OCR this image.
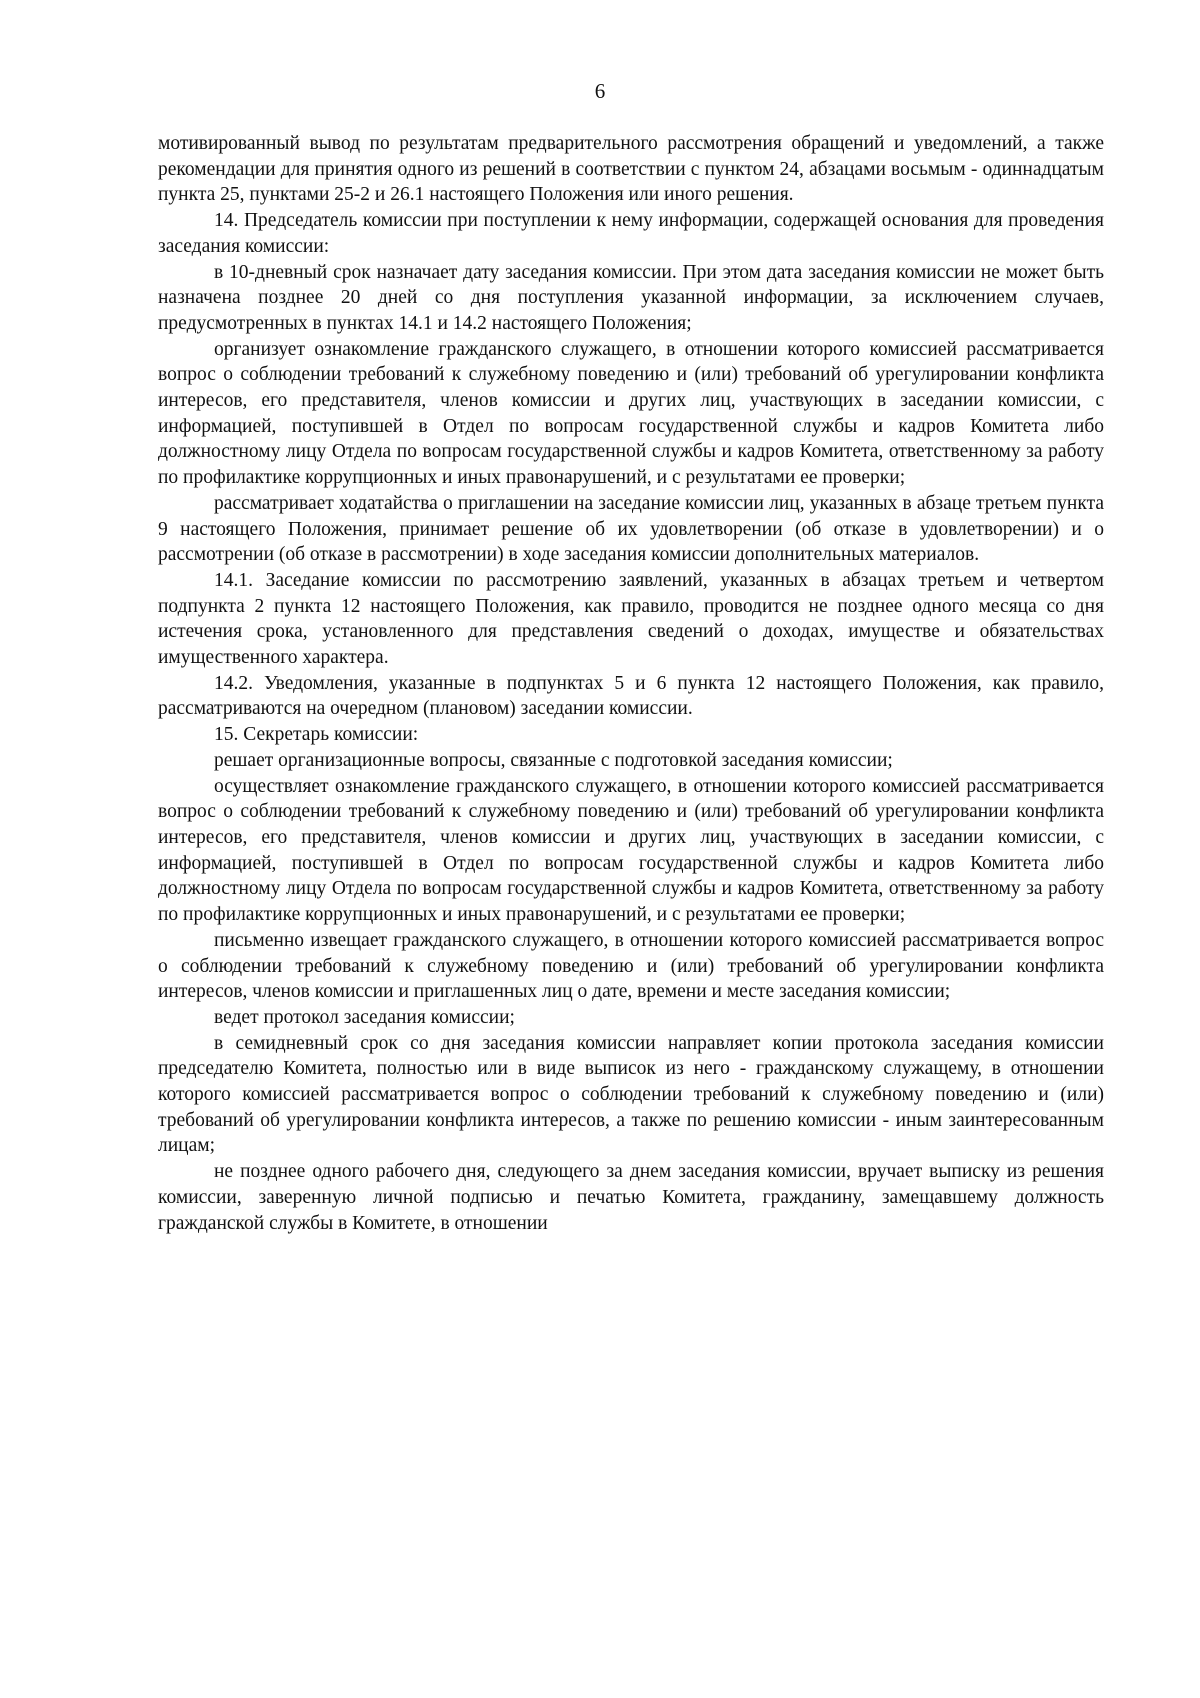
6

мотивированный вывод по результатам предварительного рассмотрения обращений и уведомлений, а также рекомендации для принятия одного из решений в соответствии с пунктом 24, абзацами восьмым - одиннадцатым пункта 25, пунктами 25-2 и 26.1 настоящего Положения или иного решения.

14. Председатель комиссии при поступлении к нему информации, содержащей основания для проведения заседания комиссии:

в 10-дневный срок назначает дату заседания комиссии. При этом дата заседания комиссии не может быть назначена позднее 20 дней со дня поступления указанной информации, за исключением случаев, предусмотренных в пунктах 14.1 и 14.2 настоящего Положения;

организует ознакомление гражданского служащего, в отношении которого комиссией рассматривается вопрос о соблюдении требований к служебному поведению и (или) требований об урегулировании конфликта интересов, его представителя, членов комиссии и других лиц, участвующих в заседании комиссии, с информацией, поступившей в Отдел по вопросам государственной службы и кадров Комитета либо должностному лицу Отдела по вопросам государственной службы и кадров Комитета, ответственному за работу по профилактике коррупционных и иных правонарушений, и с результатами ее проверки;

рассматривает ходатайства о приглашении на заседание комиссии лиц, указанных в абзаце третьем пункта 9 настоящего Положения, принимает решение об их удовлетворении (об отказе в удовлетворении) и о рассмотрении (об отказе в рассмотрении) в ходе заседания комиссии дополнительных материалов.

14.1. Заседание комиссии по рассмотрению заявлений, указанных в абзацах третьем и четвертом подпункта 2 пункта 12 настоящего Положения, как правило, проводится не позднее одного месяца со дня истечения срока, установленного для представления сведений о доходах, имуществе и обязательствах имущественного характера.

14.2. Уведомления, указанные в подпунктах 5 и 6 пункта 12 настоящего Положения, как правило, рассматриваются на очередном (плановом) заседании комиссии.

15. Секретарь комиссии:

решает организационные вопросы, связанные с подготовкой заседания комиссии;

осуществляет ознакомление гражданского служащего, в отношении которого комиссией рассматривается вопрос о соблюдении требований к служебному поведению и (или) требований об урегулировании конфликта интересов, его представителя, членов комиссии и других лиц, участвующих в заседании комиссии, с информацией, поступившей в Отдел по вопросам государственной службы и кадров Комитета либо должностному лицу Отдела по вопросам государственной службы и кадров Комитета, ответственному за работу по профилактике коррупционных и иных правонарушений, и с результатами ее проверки;

письменно извещает гражданского служащего, в отношении которого комиссией рассматривается вопрос о соблюдении требований к служебному поведению и (или) требований об урегулировании конфликта интересов, членов комиссии и приглашенных лиц о дате, времени и месте заседания комиссии;

ведет протокол заседания комиссии;

в семидневный срок со дня заседания комиссии направляет копии протокола заседания комиссии председателю Комитета, полностью или в виде выписок из него - гражданскому служащему, в отношении которого комиссией рассматривается вопрос о соблюдении требований к служебному поведению и (или) требований об урегулировании конфликта интересов, а также по решению комиссии - иным заинтересованным лицам;

не позднее одного рабочего дня, следующего за днем заседания комиссии, вручает выписку из решения комиссии, заверенную личной подписью и печатью Комитета, гражданину, замещавшему должность гражданской службы в Комитете, в отношении
